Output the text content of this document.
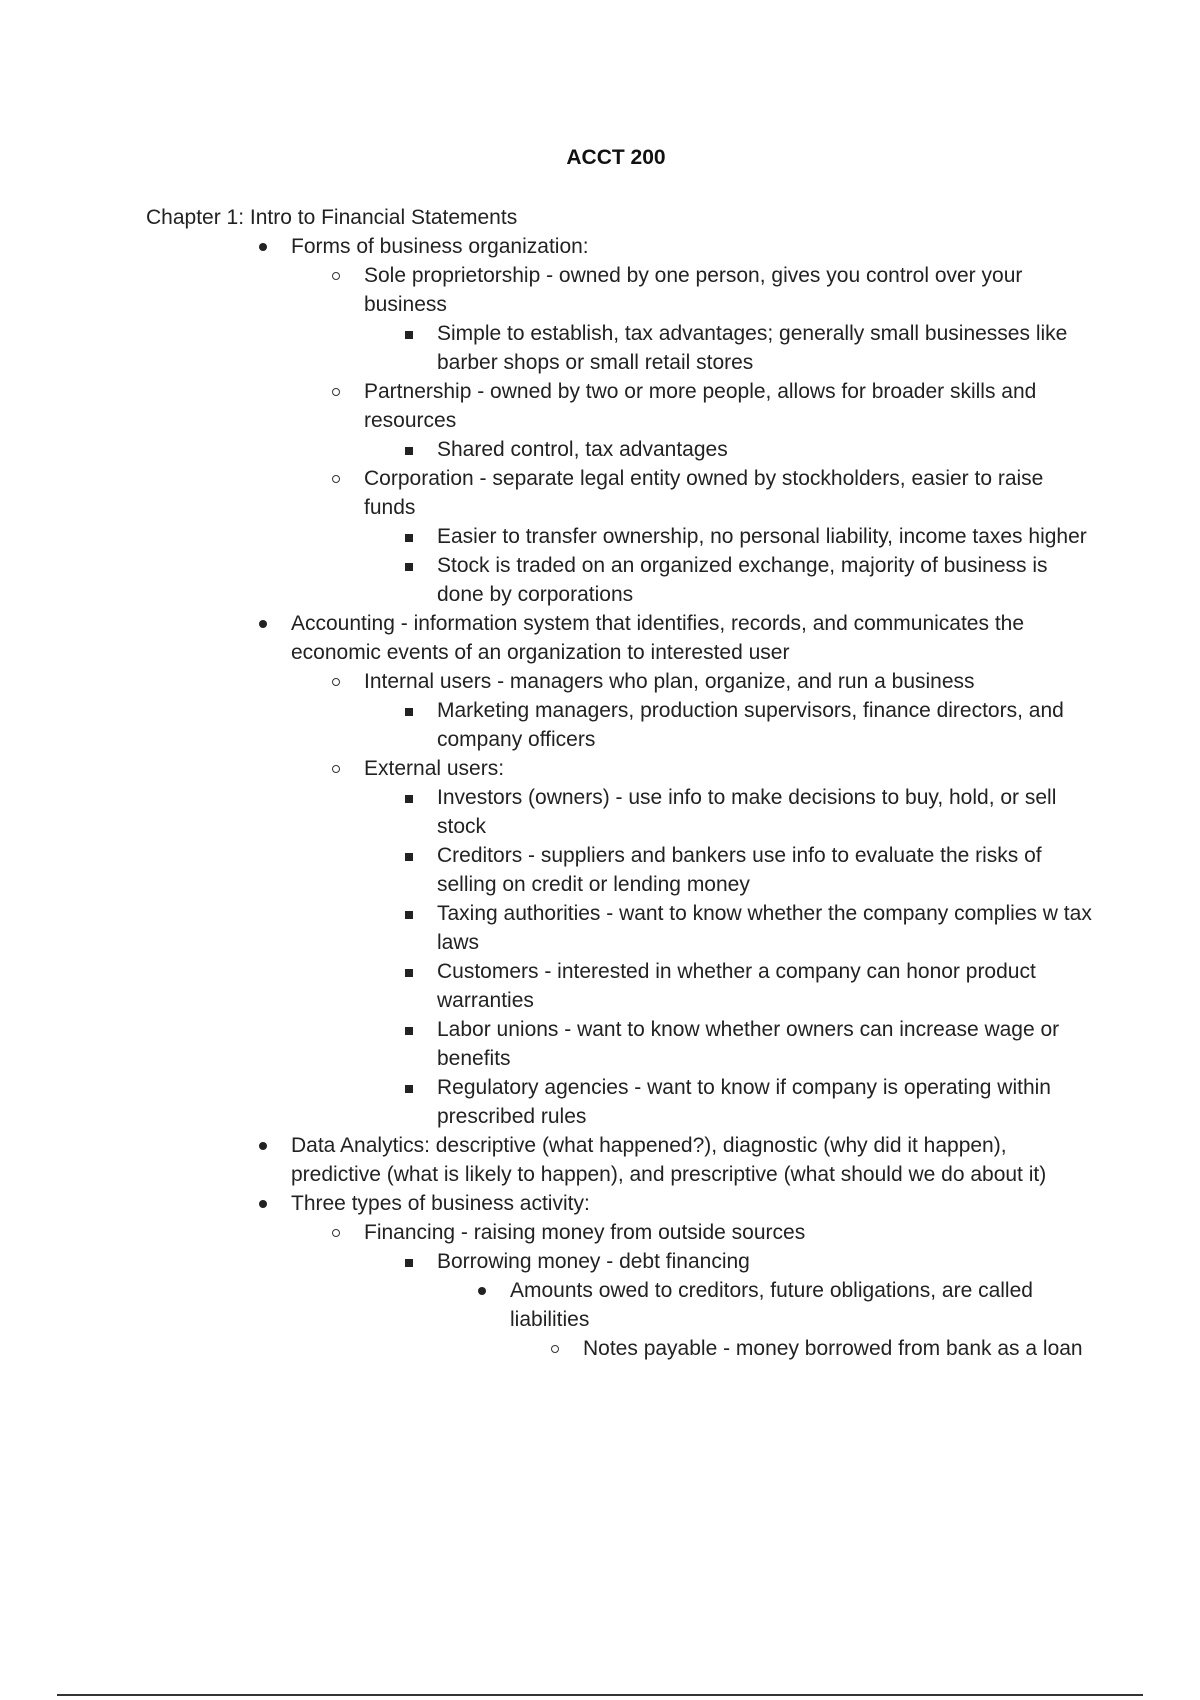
ACCT 200
Chapter 1: Intro to Financial Statements
Forms of business organization:
Sole proprietorship - owned by one person, gives you control over your business
Simple to establish, tax advantages; generally small businesses like barber shops or small retail stores
Partnership - owned by two or more people, allows for broader skills and resources
Shared control, tax advantages
Corporation - separate legal entity owned by stockholders, easier to raise funds
Easier to transfer ownership, no personal liability, income taxes higher
Stock is traded on an organized exchange, majority of business is done by corporations
Accounting - information system that identifies, records, and communicates the economic events of an organization to interested user
Internal users - managers who plan, organize, and run a business
Marketing managers, production supervisors, finance directors, and company officers
External users:
Investors (owners) - use info to make decisions to buy, hold, or sell stock
Creditors - suppliers and bankers use info to evaluate the risks of selling on credit or lending money
Taxing authorities - want to know whether the company complies w tax laws
Customers - interested in whether a company can honor product warranties
Labor unions - want to know whether owners can increase wage or benefits
Regulatory agencies - want to know if company is operating within prescribed rules
Data Analytics: descriptive (what happened?), diagnostic (why did it happen), predictive (what is likely to happen), and prescriptive (what should we do about it)
Three types of business activity:
Financing - raising money from outside sources
Borrowing money - debt financing
Amounts owed to creditors, future obligations, are called liabilities
Notes payable - money borrowed from bank as a loan
